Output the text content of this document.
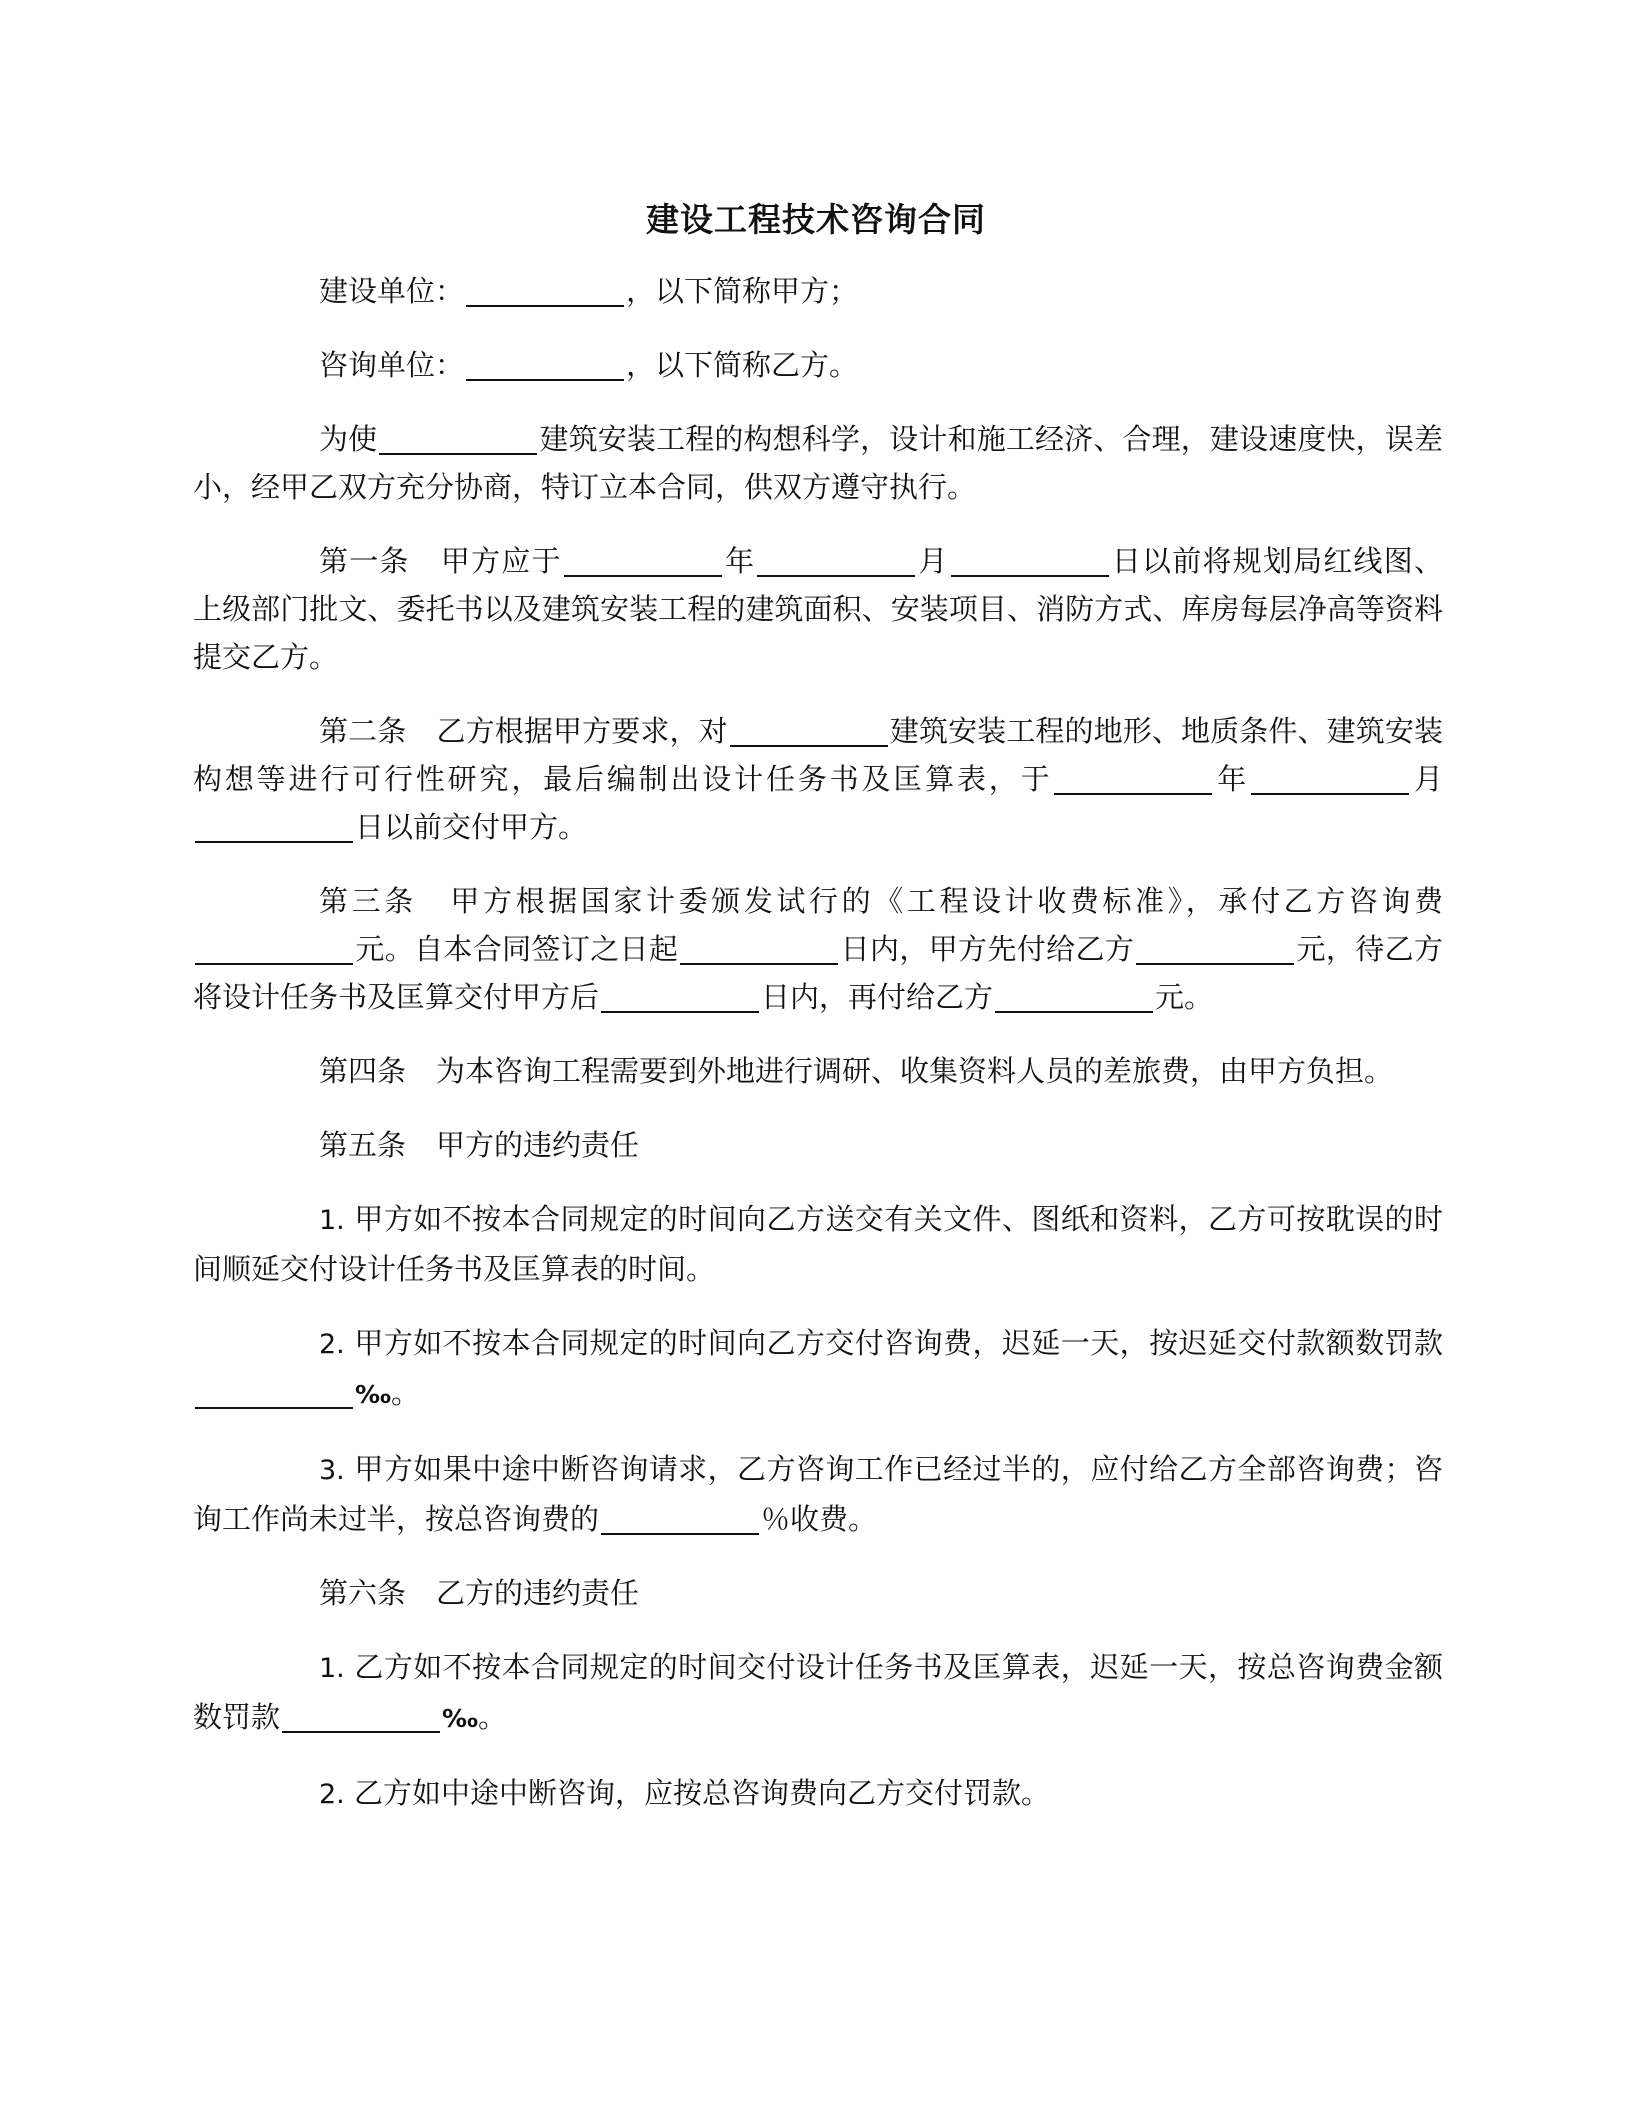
建设工程技术咨询合同

建设单位：	，以下简称甲方；

咨询单位：	，以下简称乙方。

为使	建筑安装工程的构想科学，设计和施工经济、合理，建设速度快，误差小，经甲乙双方充分协商，特订立本合同，供双方遵守执行。

第一条 甲方应于	年	月	日以前将规划局红线图、上级部门批文、委托书以及建筑安装工程的建筑面积、安装项目、消防方式、库房每层净高等资料提交乙方。

第二条 乙方根据甲方要求，对	建筑安装工程的地形、地质条件、建筑安装构想等进行可行性研究，最后编制出设计任务书及匡算表，于	年	月日以前交付甲方。

第三条 甲方根据国家计委颁发试行的《工程设计收费标准》，承付乙方咨询费元。自本合同签订之日起	日内，甲方先付给乙方	元，待乙方将设计任务书及匡算交付甲方后	日内，再付给乙方	元。

第四条 为本咨询工程需要到外地进行调研、收集资料人员的差旅费，由甲方负担。

第五条 甲方的违约责任

1. 甲方如不按本合同规定的时间向乙方送交有关文件、图纸和资料，乙方可按耽误的时间顺延交付设计任务书及匡算表的时间。

2. 甲方如不按本合同规定的时间向乙方交付咨询费，迟延一天，按迟延交付款额数罚款‰。

3. 甲方如果中途中断咨询请求，乙方咨询工作已经过半的，应付给乙方全部咨询费；咨询工作尚未过半，按总咨询费的	％收费。

第六条 乙方的违约责任

1. 乙方如不按本合同规定的时间交付设计任务书及匡算表，迟延一天，按总咨询费金额数罚款	‰。

2. 乙方如中途中断咨询，应按总咨询费向乙方交付罚款。
